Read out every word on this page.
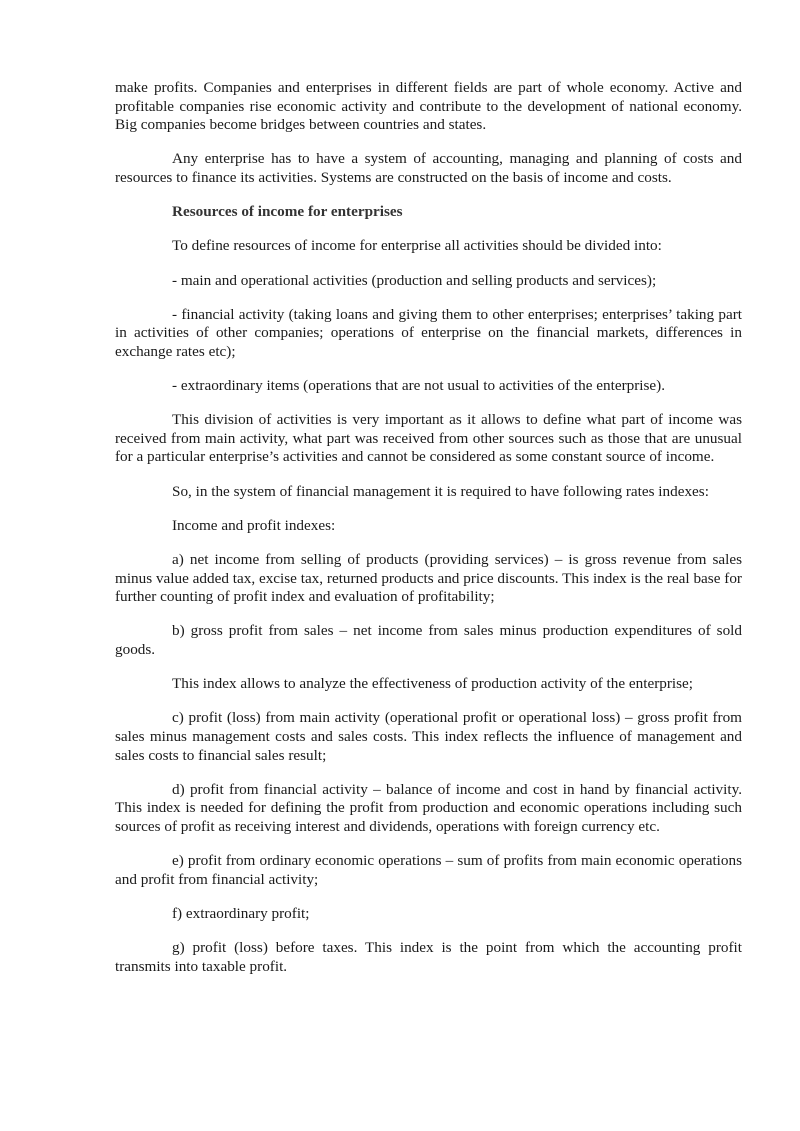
make profits. Companies and enterprises in different fields are part of whole economy. Active and profitable companies rise economic activity and contribute to the development of national economy. Big companies become bridges between countries and states.

Any enterprise has to have a system of accounting, managing and planning of costs and resources to finance its activities. Systems are constructed on the basis of income and costs.

Resources of income for enterprises

To define resources of income for enterprise all activities should be divided into:

- main and operational activities (production and selling products and services);

- financial activity (taking loans and giving them to other enterprises; enterprises’ taking part in activities of other companies; operations of enterprise on the financial markets, differences in exchange rates etc);

- extraordinary items (operations that are not usual to activities of the enterprise).

This division of activities is very important as it allows to define what part of income was received from main activity, what part was received from other sources such as those that are unusual for a particular enterprise’s activities and cannot be considered as some constant source of income.

So, in the system of financial management it is required to have following rates indexes:

Income and profit indexes:

a) net income from selling of products (providing services) – is gross revenue from sales minus value added tax, excise tax, returned products and price discounts. This index is the real base for further counting of profit index and evaluation of profitability;

b) gross profit from sales – net income from sales minus production expenditures of sold goods.

This index allows to analyze the effectiveness of production activity of the enterprise;

c) profit (loss) from main activity (operational profit or operational loss) – gross profit from sales minus management costs and sales costs. This index reflects the influence of management and sales costs to financial sales result;

d) profit from financial activity – balance of income and cost in hand by financial activity. This index is needed for defining the profit from production and economic operations including such sources of profit as receiving interest and dividends, operations with foreign currency etc.

e) profit from ordinary economic operations – sum of profits from main economic operations and profit from financial activity;

f) extraordinary profit;

g) profit (loss) before taxes. This index is the point from which the accounting profit transmits into taxable profit.
